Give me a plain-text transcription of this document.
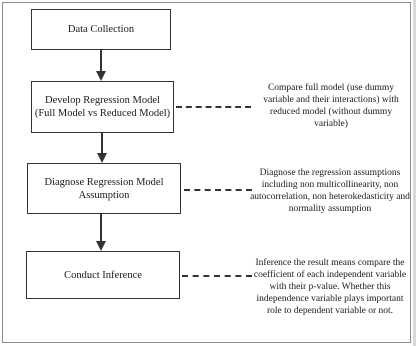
Data Collection
Develop Regression Model
(Full Model vs Reduced Model)
Diagnose Regression Model
Assumption
Conduct Inference
Compare full model (use dummy
variable and their interactions) with
reduced model (without dummy
variable)
Diagnose the regression assumptions
including non multicollinearity, non
autocorrelation, non heterokedasticity and
normality assumption
Inference the result means compare the
coefficient of each independent variable
with their p-value. Whether this
independence variable plays important
role to dependent variable or not.
